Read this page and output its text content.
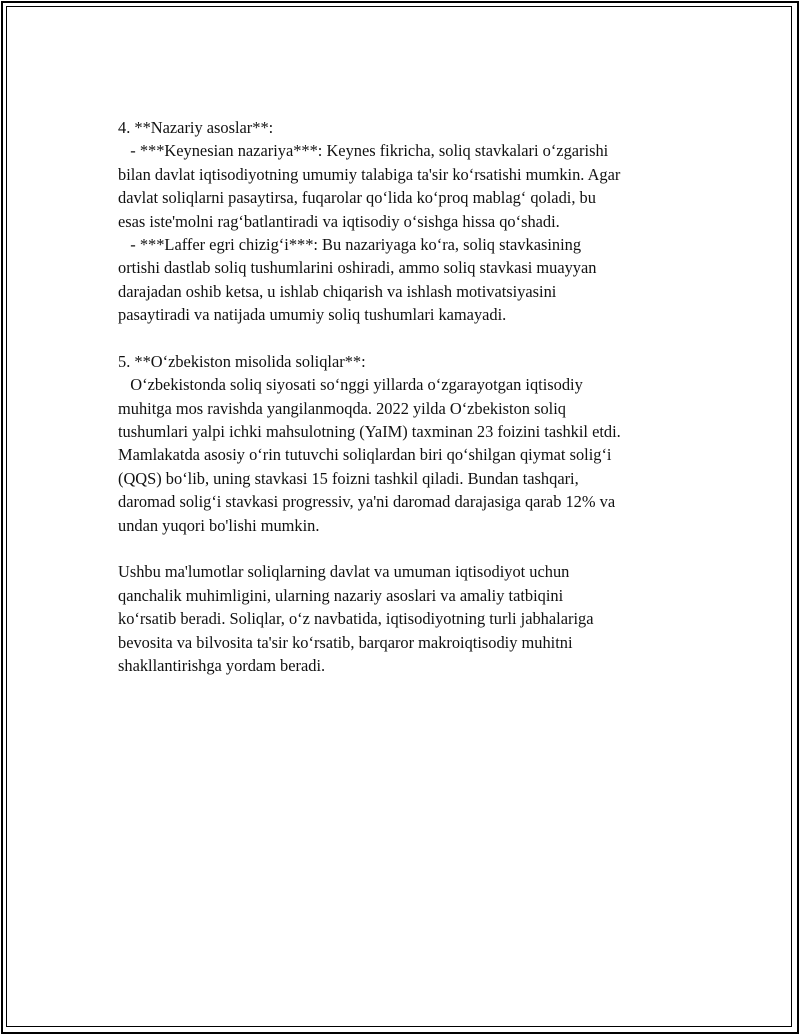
4. **Nazariy asoslar**:
- ***Keynesian nazariya***: Keynes fikricha, soliq stavkalari oʻzgarishi
bilan davlat iqtisodiyotning umumiy talabiga ta'sir koʻrsatishi mumkin. Agar
davlat soliqlarni pasaytirsa, fuqarolar qoʻlida koʻproq mablagʻ qoladi, bu
esas iste'molni ragʻbatlantiradi va iqtisodiy oʻsishga hissa qoʻshadi.
- ***Laffer egri chizigʻi***: Bu nazariyaga koʻra, soliq stavkasining
ortishi dastlab soliq tushumlarini oshiradi, ammo soliq stavkasi muayyan
darajadan oshib ketsa, u ishlab chiqarish va ishlash motivatsiyasini
pasaytiradi va natijada umumiy soliq tushumlari kamayadi.
5. **Oʻzbekiston misolida soliqlar**:
Oʻzbekistonda soliq siyosati soʻnggi yillarda oʻzgarayotgan iqtisodiy
muhitga mos ravishda yangilanmoqda. 2022 yilda Oʻzbekiston soliq
tushumlari yalpi ichki mahsulotning (YaIM) taxminan 23 foizini tashkil etdi.
Mamlakatda asosiy oʻrin tutuvchi soliqlardan biri qoʻshilgan qiymat soligʻi
(QQS) boʻlib, uning stavkasi 15 foizni tashkil qiladi. Bundan tashqari,
daromad soligʻi stavkasi progressiv, ya'ni daromad darajasiga qarab 12% va
undan yuqori bo'lishi mumkin.
Ushbu ma'lumotlar soliqlarning davlat va umuman iqtisodiyot uchun
qanchalik muhimligini, ularning nazariy asoslari va amaliy tatbiqini
koʻrsatib beradi. Soliqlar, oʻz navbatida, iqtisodiyotning turli jabhalariga
bevosita va bilvosita ta'sir koʻrsatib, barqaror makroiqtisodiy muhitni
shakllantirishga yordam beradi.
